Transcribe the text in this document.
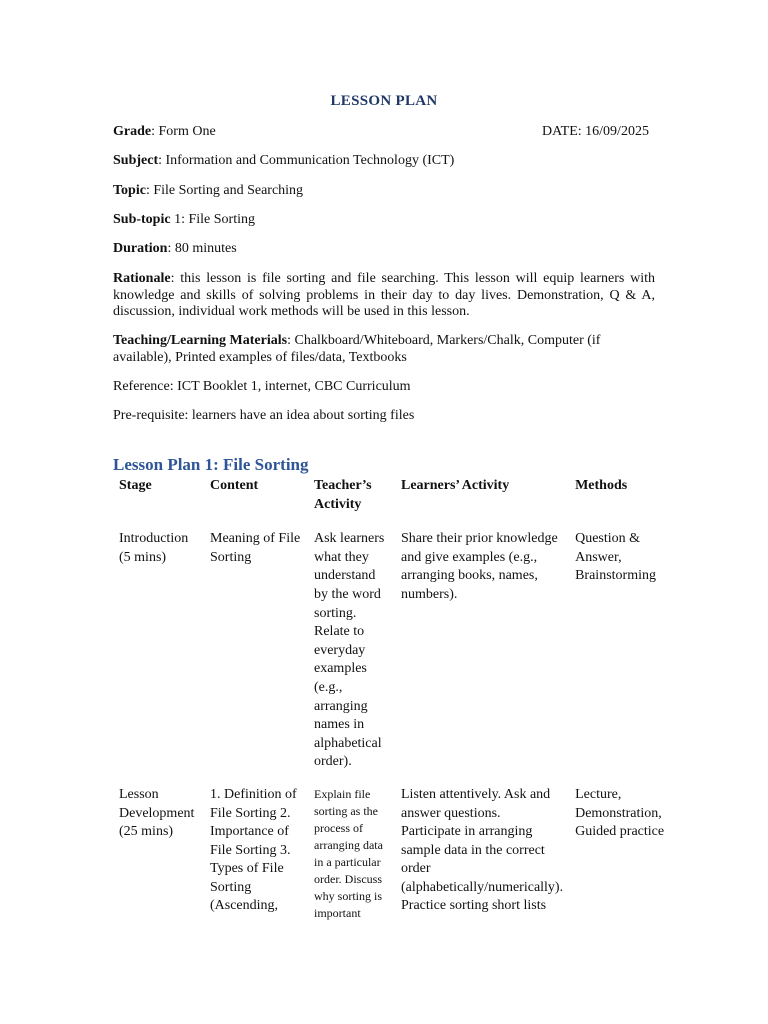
LESSON PLAN
Grade: Form One	DATE: 16/09/2025
Subject: Information and Communication Technology (ICT)
Topic: File Sorting and Searching
Sub-topic 1: File Sorting
Duration: 80 minutes
Rationale: this lesson is file sorting and file searching. This lesson will equip learners with knowledge and skills of solving problems in their day to day lives. Demonstration, Q & A, discussion, individual work methods will be used in this lesson.
Teaching/Learning Materials: Chalkboard/Whiteboard, Markers/Chalk, Computer (if available), Printed examples of files/data, Textbooks
Reference: ICT Booklet 1, internet, CBC Curriculum
Pre-requisite: learners have an idea about sorting files
Lesson Plan 1: File Sorting
Stage	Content	Teacher’s Activity	Learners’ Activity	Methods
Introduction (5 mins)	Meaning of File Sorting	Ask learners what they understand by the word sorting. Relate to everyday examples (e.g., arranging names in alphabetical order).	Share their prior knowledge and give examples (e.g., arranging books, names, numbers).	Question & Answer, Brainstorming
Lesson Development (25 mins)	1. Definition of File Sorting 2. Importance of File Sorting 3. Types of File Sorting (Ascending,	Explain file sorting as the process of arranging data in a particular order. Discuss why sorting is important	Listen attentively. Ask and answer questions. Participate in arranging sample data in the correct order (alphabetically/numerically). Practice sorting short lists	Lecture, Demonstration, Guided practice
